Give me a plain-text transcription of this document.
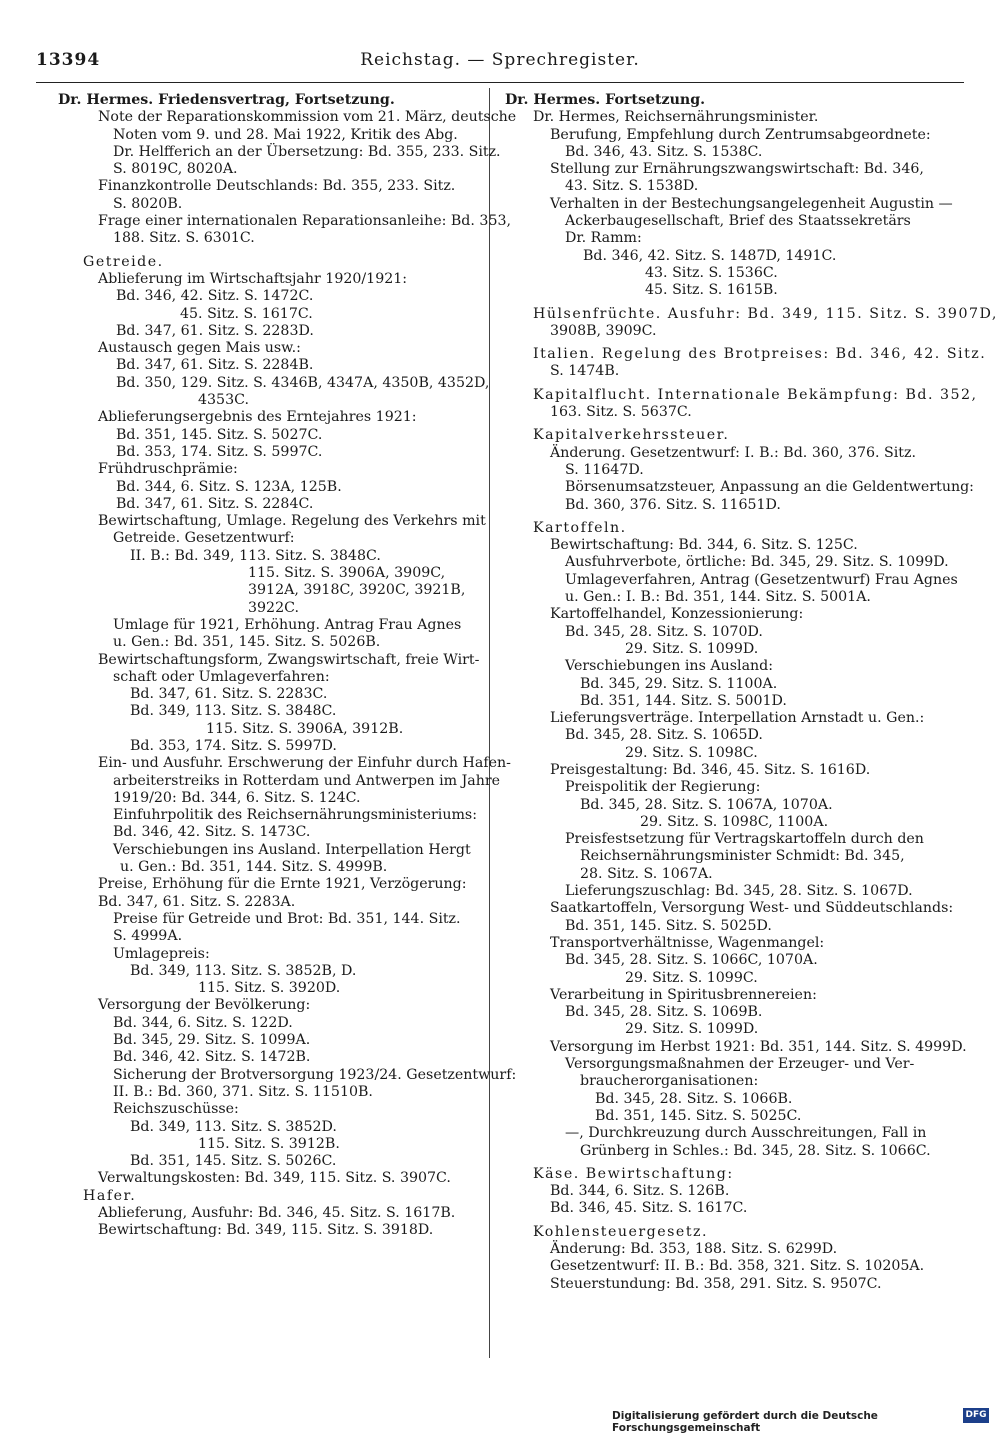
13394	Reichstag. — Sprechregister.
Dr. Hermes. Friedensvertrag, Fortsetzung.
Note der Reparationskommission vom 21. März, deutsche
Noten vom 9. und 28. Mai 1922, Kritik des Abg.
Dr. Helfferich an der Übersetzung: Bd. 355, 233. Sitz.
S. 8019C, 8020A.
Finanzkontrolle Deutschlands: Bd. 355, 233. Sitz.
S. 8020B.
Frage einer internationalen Reparationsanleihe: Bd. 353,
188. Sitz. S. 6301C.
Getreide.
Ablieferung im Wirtschaftsjahr 1920/1921:
Bd. 346, 42. Sitz. S. 1472C.
45. Sitz. S. 1617C.
Bd. 347, 61. Sitz. S. 2283D.
Austausch gegen Mais usw.:
Bd. 347, 61. Sitz. S. 2284B.
Bd. 350, 129. Sitz. S. 4346B, 4347A, 4350B, 4352D,
4353C.
Ablieferungsergebnis des Erntejahres 1921:
Bd. 351, 145. Sitz. S. 5027C.
Bd. 353, 174. Sitz. S. 5997C.
Frühdruschprämie:
Bd. 344, 6. Sitz. S. 123A, 125B.
Bd. 347, 61. Sitz. S. 2284C.
Bewirtschaftung, Umlage. Regelung des Verkehrs mit
Getreide. Gesetzentwurf:
II. B.: Bd. 349, 113. Sitz. S. 3848C.
115. Sitz. S. 3906A, 3909C,
3912A, 3918C, 3920C, 3921B,
3922C.
Umlage für 1921, Erhöhung. Antrag Frau Agnes
u. Gen.: Bd. 351, 145. Sitz. S. 5026B.
Bewirtschaftungsform, Zwangswirtschaft, freie Wirt-
schaft oder Umlageverfahren:
Bd. 347, 61. Sitz. S. 2283C.
Bd. 349, 113. Sitz. S. 3848C.
115. Sitz. S. 3906A, 3912B.
Bd. 353, 174. Sitz. S. 5997D.
Ein- und Ausfuhr. Erschwerung der Einfuhr durch Hafen-
arbeiterstreiks in Rotterdam und Antwerpen im Jahre
1919/20: Bd. 344, 6. Sitz. S. 124C.
Einfuhrpolitik des Reichsernährungsministeriums:
Bd. 346, 42. Sitz. S. 1473C.
Verschiebungen ins Ausland. Interpellation Hergt
u. Gen.: Bd. 351, 144. Sitz. S. 4999B.
Preise, Erhöhung für die Ernte 1921, Verzögerung:
Bd. 347, 61. Sitz. S. 2283A.
Preise für Getreide und Brot: Bd. 351, 144. Sitz.
S. 4999A.
Umlagepreis:
Bd. 349, 113. Sitz. S. 3852B, D.
115. Sitz. S. 3920D.
Versorgung der Bevölkerung:
Bd. 344, 6. Sitz. S. 122D.
Bd. 345, 29. Sitz. S. 1099A.
Bd. 346, 42. Sitz. S. 1472B.
Sicherung der Brotversorgung 1923/24. Gesetzentwurf:
II. B.: Bd. 360, 371. Sitz. S. 11510B.
Reichszuschüsse:
Bd. 349, 113. Sitz. S. 3852D.
115. Sitz. S. 3912B.
Bd. 351, 145. Sitz. S. 5026C.
Verwaltungskosten: Bd. 349, 115. Sitz. S. 3907C.
Hafer.
Ablieferung, Ausfuhr: Bd. 346, 45. Sitz. S. 1617B.
Bewirtschaftung: Bd. 349, 115. Sitz. S. 3918D.
Dr. Hermes. Fortsetzung.
Dr. Hermes, Reichsernährungsminister.
Berufung, Empfehlung durch Zentrumsabgeordnete:
Bd. 346, 43. Sitz. S. 1538C.
Stellung zur Ernährungszwangswirtschaft: Bd. 346,
43. Sitz. S. 1538D.
Verhalten in der Bestechungsangelegenheit Augustin —
Ackerbaugesellschaft, Brief des Staatssekretärs
Dr. Ramm:
Bd. 346, 42. Sitz. S. 1487D, 1491C.
43. Sitz. S. 1536C.
45. Sitz. S. 1615B.
Hülsenfrüchte. Ausfuhr: Bd. 349, 115. Sitz. S. 3907D,
3908B, 3909C.
Italien. Regelung des Brotpreises: Bd. 346, 42. Sitz.
S. 1474B.
Kapitalflucht. Internationale Bekämpfung: Bd. 352,
163. Sitz. S. 5637C.
Kapitalverkehrssteuer.
Änderung. Gesetzentwurf: I. B.: Bd. 360, 376. Sitz.
S. 11647D.
Börsenumsatzsteuer, Anpassung an die Geldentwertung:
Bd. 360, 376. Sitz. S. 11651D.
Kartoffeln.
Bewirtschaftung: Bd. 344, 6. Sitz. S. 125C.
Ausfuhrverbote, örtliche: Bd. 345, 29. Sitz. S. 1099D.
Umlageverfahren, Antrag (Gesetzentwurf) Frau Agnes
u. Gen.: I. B.: Bd. 351, 144. Sitz. S. 5001A.
Kartoffelhandel, Konzessionierung:
Bd. 345, 28. Sitz. S. 1070D.
29. Sitz. S. 1099D.
Verschiebungen ins Ausland:
Bd. 345, 29. Sitz. S. 1100A.
Bd. 351, 144. Sitz. S. 5001D.
Lieferungsverträge. Interpellation Arnstadt u. Gen.:
Bd. 345, 28. Sitz. S. 1065D.
29. Sitz. S. 1098C.
Preisgestaltung: Bd. 346, 45. Sitz. S. 1616D.
Preispolitik der Regierung:
Bd. 345, 28. Sitz. S. 1067A, 1070A.
29. Sitz. S. 1098C, 1100A.
Preisfestsetzung für Vertragskartoffeln durch den
Reichsernährungsminister Schmidt: Bd. 345,
28. Sitz. S. 1067A.
Lieferungszuschlag: Bd. 345, 28. Sitz. S. 1067D.
Saatkartoffeln, Versorgung West- und Süddeutschlands:
Bd. 351, 145. Sitz. S. 5025D.
Transportverhältnisse, Wagenmangel:
Bd. 345, 28. Sitz. S. 1066C, 1070A.
29. Sitz. S. 1099C.
Verarbeitung in Spiritusbrennereien:
Bd. 345, 28. Sitz. S. 1069B.
29. Sitz. S. 1099D.
Versorgung im Herbst 1921: Bd. 351, 144. Sitz. S. 4999D.
Versorgungsmaßnahmen der Erzeuger- und Ver-
braucherorganisationen:
Bd. 345, 28. Sitz. S. 1066B.
Bd. 351, 145. Sitz. S. 5025C.
—, Durchkreuzung durch Ausschreitungen, Fall in
Grünberg in Schles.: Bd. 345, 28. Sitz. S. 1066C.
Käse. Bewirtschaftung:
Bd. 344, 6. Sitz. S. 126B.
Bd. 346, 45. Sitz. S. 1617C.
Kohlensteuergesetz.
Änderung: Bd. 353, 188. Sitz. S. 6299D.
Gesetzentwurf: II. B.: Bd. 358, 321. Sitz. S. 10205A.
Steuerstundung: Bd. 358, 291. Sitz. S. 9507C.
Digitalisierung gefördert durch die Deutsche Forschungsgemeinschaft
DFG
